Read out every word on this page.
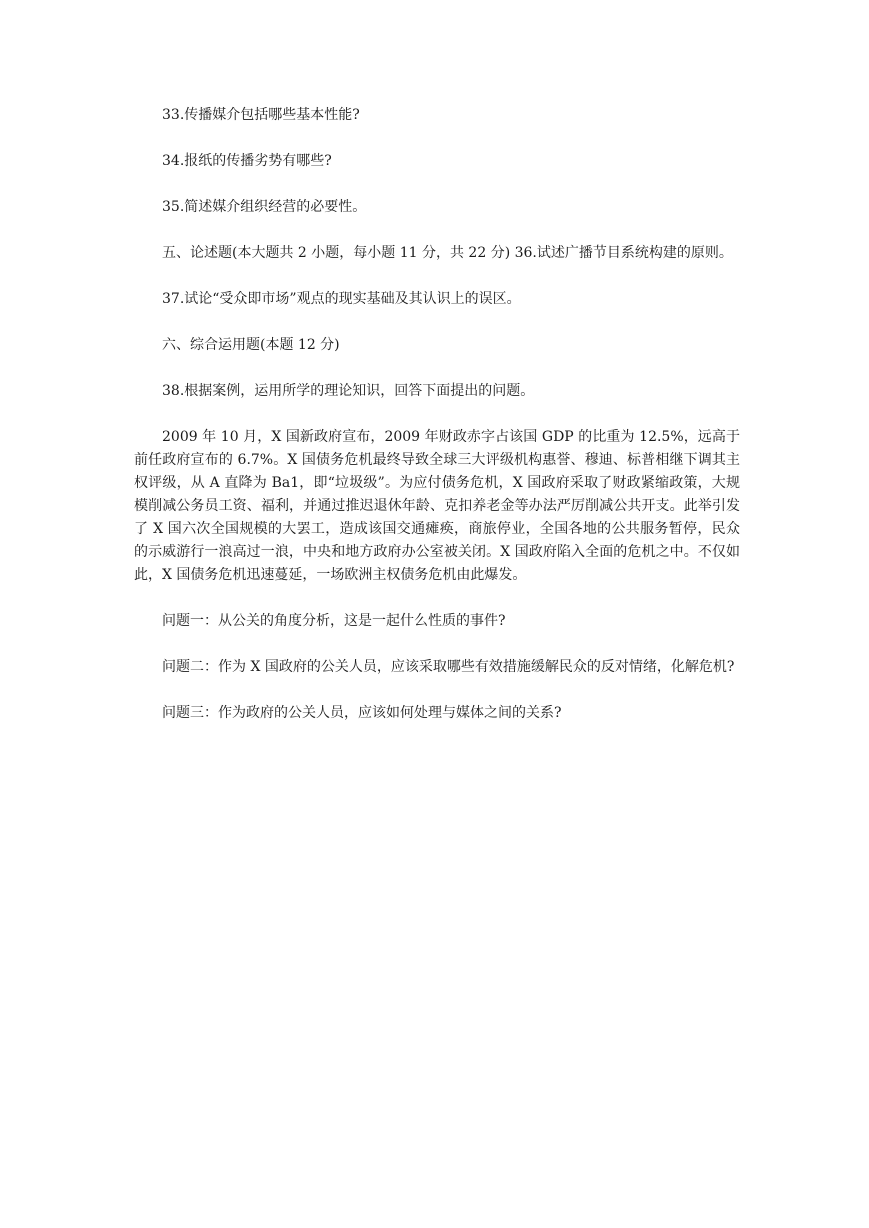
33.传播媒介包括哪些基本性能?

34.报纸的传播劣势有哪些?

35.简述媒介组织经营的必要性。

五、论述题(本大题共 2 小题，每小题 11 分，共 22 分) 36.试述广播节目系统构建的原则。

37.试论“受众即市场”观点的现实基础及其认识上的误区。

六、综合运用题(本题 12 分)

38.根据案例，运用所学的理论知识，回答下面提出的问题。

2009 年 10 月，X 国新政府宣布，2009 年财政赤字占该国 GDP 的比重为 12.5%，远高于前任政府宣布的 6.7%。X 国债务危机最终导致全球三大评级机构惠誉、穆迪、标普相继下调其主权评级，从 A 直降为 Ba1，即“垃圾级”。为应付债务危机，X 国政府采取了财政紧缩政策，大规模削减公务员工资、福利，并通过推迟退休年龄、克扣养老金等办法严厉削减公共开支。此举引发了 X 国六次全国规模的大罢工，造成该国交通瘫痪，商旅停业，全国各地的公共服务暂停，民众的示威游行一浪高过一浪，中央和地方政府办公室被关闭。X 国政府陷入全面的危机之中。不仅如此，X 国债务危机迅速蔓延，一场欧洲主权债务危机由此爆发。

问题一：从公关的角度分析，这是一起什么性质的事件?

问题二：作为 X 国政府的公关人员，应该采取哪些有效措施缓解民众的反对情绪，化解危机?

问题三：作为政府的公关人员，应该如何处理与媒体之间的关系?
